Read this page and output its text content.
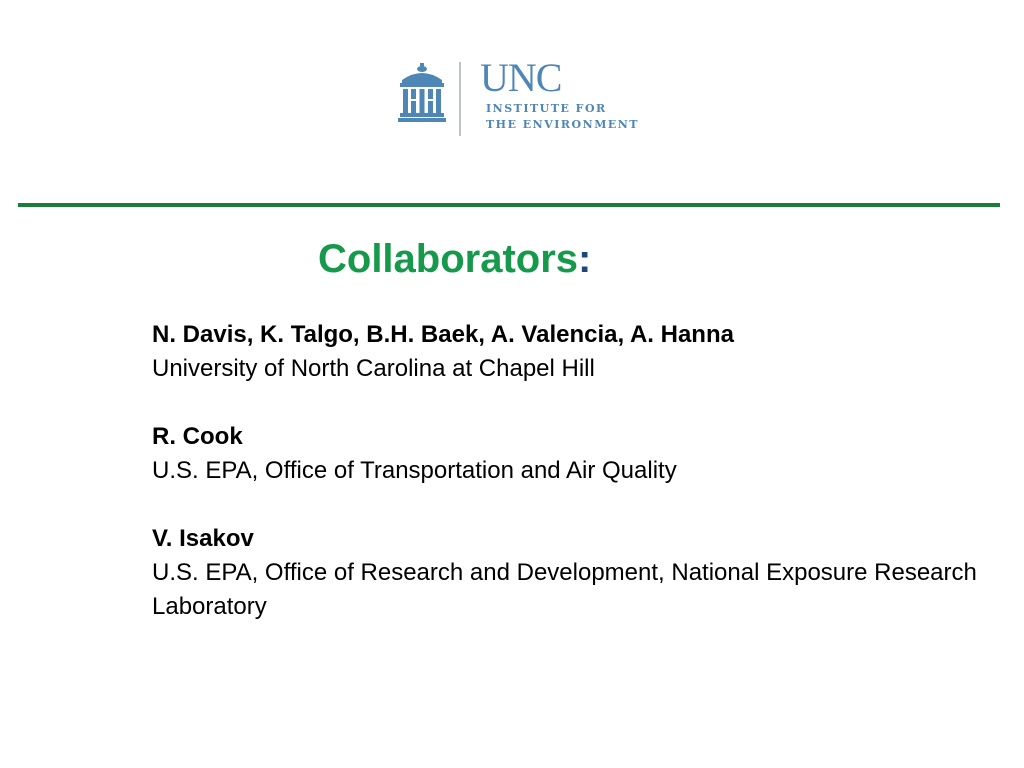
UNC
INSTITUTE FOR
THE ENVIRONMENT
Collaborators:

N. Davis, K. Talgo, B.H. Baek, A. Valencia, A. Hanna

University of North Carolina at Chapel Hill

R. Cook

U.S. EPA, Office of Transportation and Air Quality

V. Isakov

U.S. EPA, Office of Research and Development, National Exposure Research Laboratory
